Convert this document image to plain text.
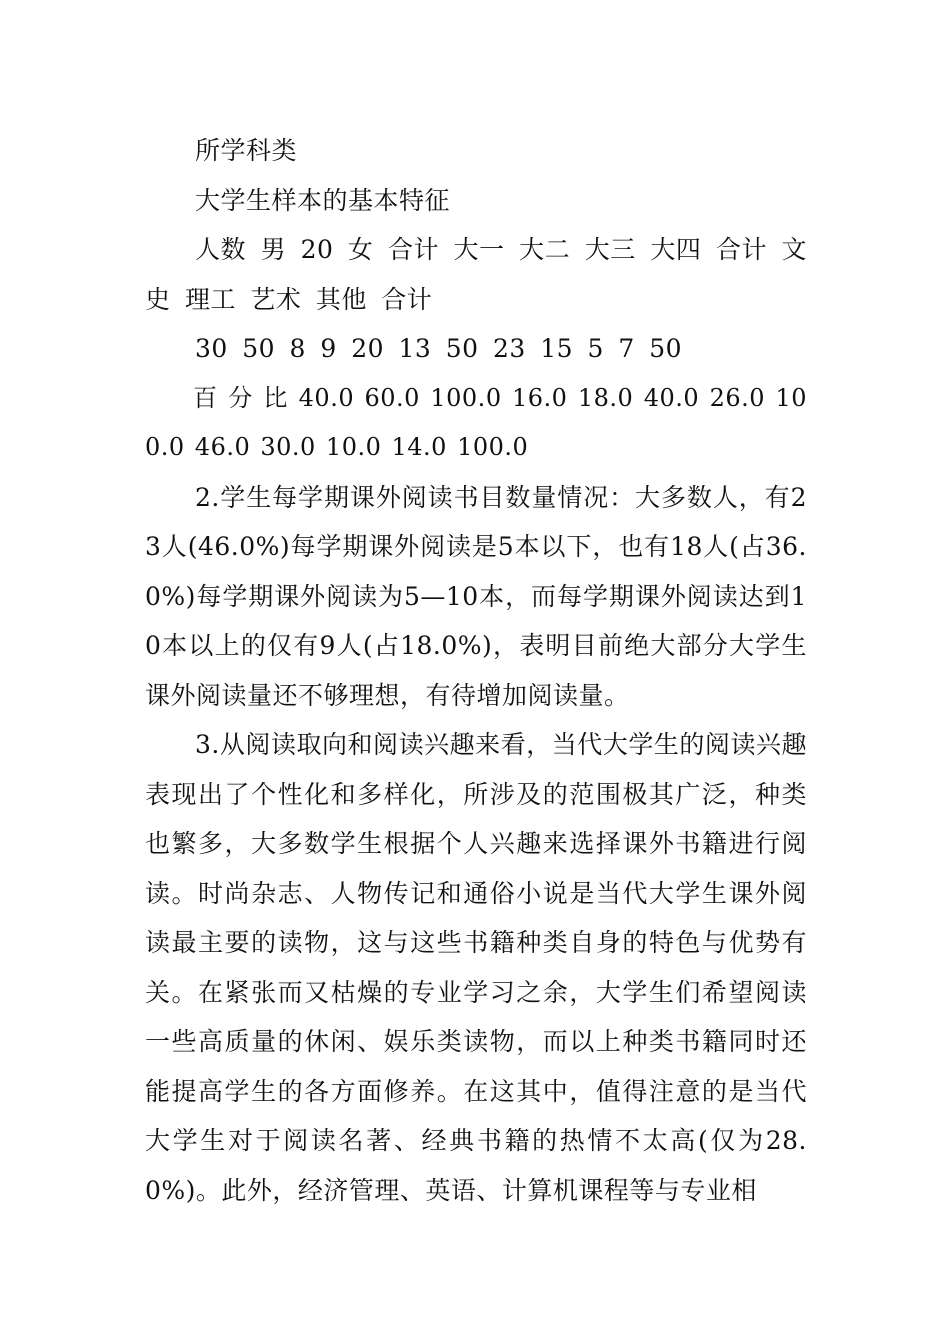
所学科类

大学生样本的基本特征

人数 男 20 女 合计 大一 大二 大三 大四 合计 文史 理工 艺术 其他 合计

30 50 8 9 20 13 50 23 15 5 7 50

百 分 比 40.0 60.0 100.0 16.0 18.0 40.0 26.0 100.0 46.0 30.0 10.0 14.0 100.0

2.学生每学期课外阅读书目数量情况：大多数人，有23人(46.0%)每学期课外阅读是5本以下，也有18人(占36.0%)每学期课外阅读为5—10本，而每学期课外阅读达到10本以上的仅有9人(占18.0%)，表明目前绝大部分大学生课外阅读量还不够理想，有待增加阅读量。

3.从阅读取向和阅读兴趣来看，当代大学生的阅读兴趣表现出了个性化和多样化，所涉及的范围极其广泛，种类也繁多，大多数学生根据个人兴趣来选择课外书籍进行阅读。时尚杂志、人物传记和通俗小说是当代大学生课外阅读最主要的读物，这与这些书籍种类自身的特色与优势有关。在紧张而又枯燥的专业学习之余，大学生们希望阅读一些高质量的休闲、娱乐类读物，而以上种类书籍同时还能提高学生的各方面修养。在这其中，值得注意的是当代大学生对于阅读名著、经典书籍的热情不太高(仅为28.0%)。此外，经济管理、英语、计算机课程等与专业相
